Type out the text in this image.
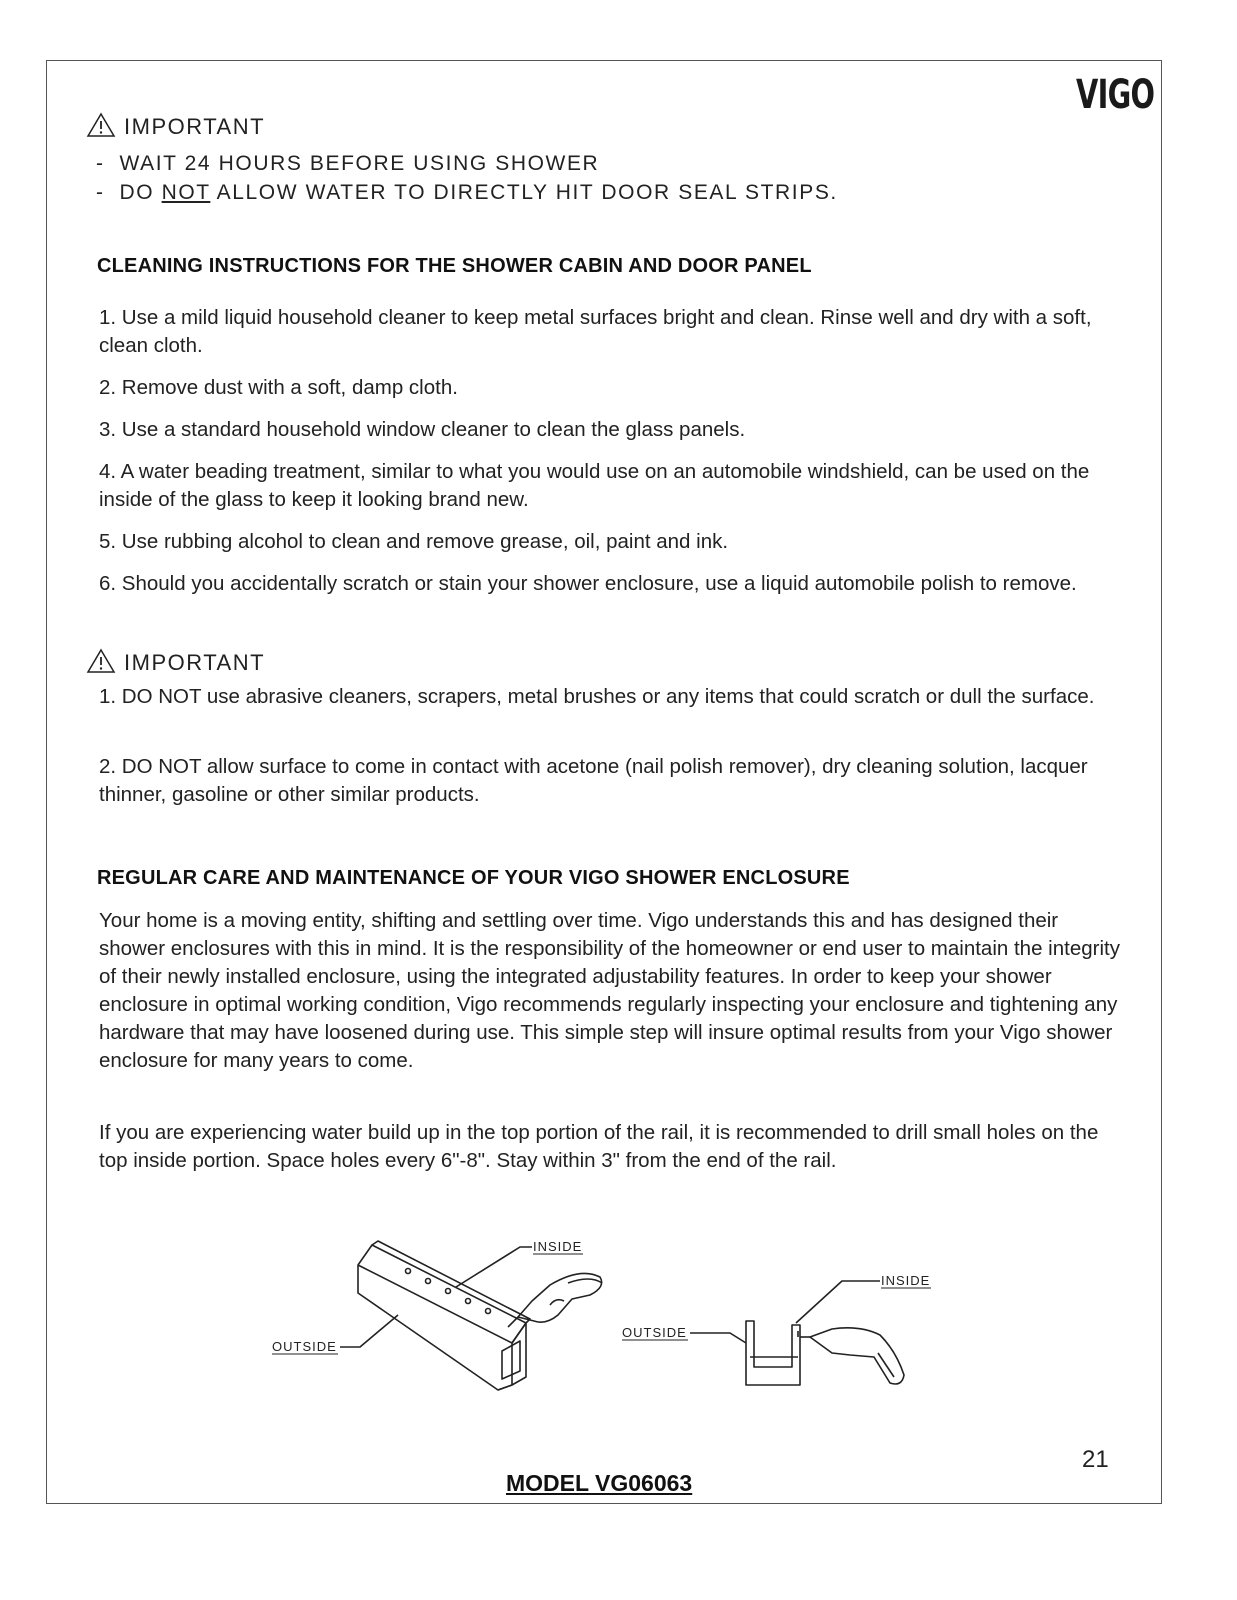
VIGO
IMPORTANT
-  WAIT 24 HOURS BEFORE USING SHOWER
-  DO NOT ALLOW WATER TO DIRECTLY HIT DOOR SEAL STRIPS.
CLEANING INSTRUCTIONS FOR THE SHOWER CABIN AND DOOR PANEL
1. Use a mild liquid household cleaner to keep metal surfaces bright and clean. Rinse well and dry with a soft, clean cloth.
2. Remove dust with a soft, damp cloth.
3. Use a standard household window cleaner to clean the glass panels.
4. A water beading treatment, similar to what you would use on an automobile windshield, can be used on the inside of the glass to keep it looking brand new.
5. Use rubbing alcohol to clean and remove grease, oil, paint and ink.
6. Should you accidentally scratch or stain your shower enclosure, use a liquid automobile polish to remove.
IMPORTANT
1. DO NOT use abrasive cleaners, scrapers, metal brushes or any items that could scratch or dull the surface.
2. DO NOT allow surface to come in contact with acetone (nail polish remover), dry cleaning solution, lacquer thinner, gasoline or other similar products.
REGULAR CARE AND MAINTENANCE OF YOUR VIGO SHOWER ENCLOSURE
Your home is a moving entity, shifting and settling over time. Vigo understands this and has designed their shower enclosures with this in mind. It is the responsibility of the homeowner or end user to maintain the integrity of their newly installed enclosure, using the integrated adjustability features. In order to keep your shower enclosure in optimal working condition, Vigo recommends regularly inspecting your enclosure and tightening any hardware that may have loosened during use. This simple step will insure optimal results from your Vigo shower enclosure for many years to come.
If you are experiencing water build up in the top portion of the rail, it is recommended to drill small holes on the top inside portion. Space holes every 6"-8". Stay within 3" from the end of the rail.
INSIDE
OUTSIDE
INSIDE
OUTSIDE
21
MODEL VG06063
